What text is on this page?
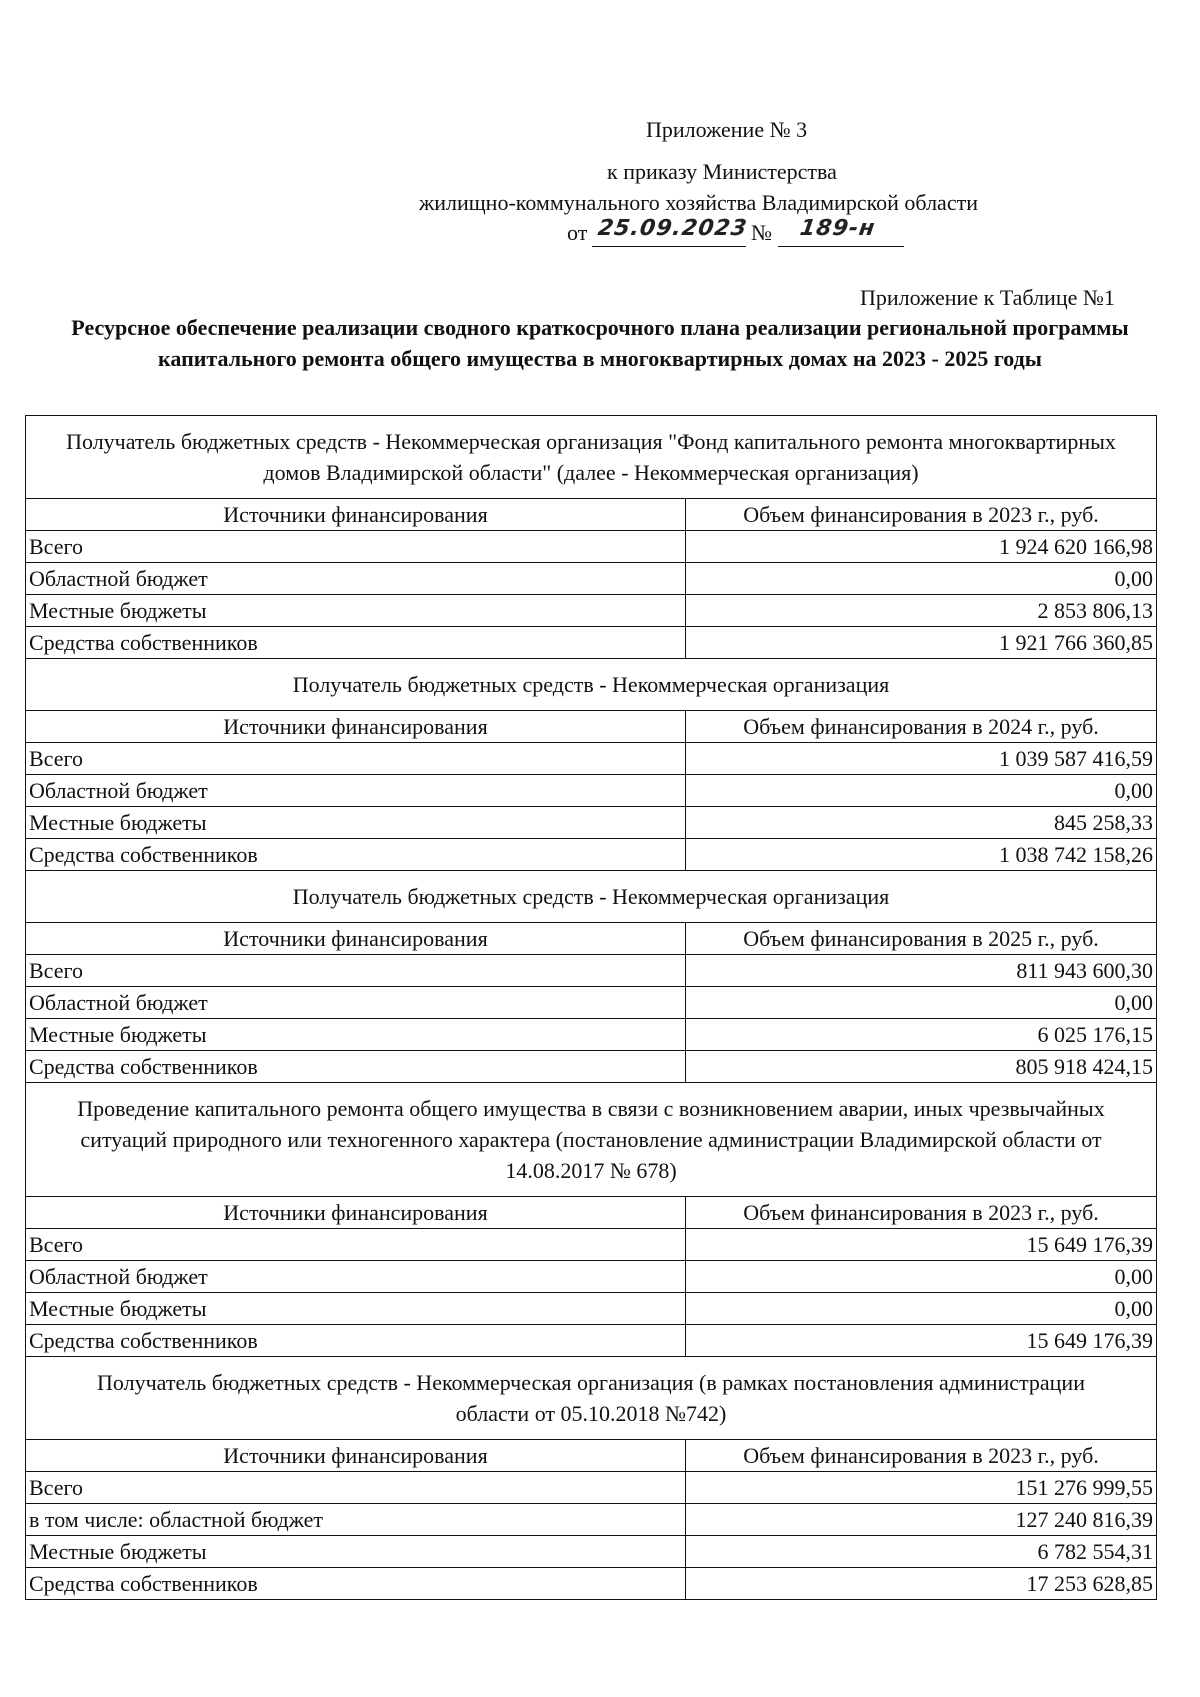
Приложение № 3
к приказу Министерства
жилищно-коммунального хозяйства Владимирской области
от 25.09.2023 № 189-н
Приложение к Таблице №1
Ресурсное обеспечение реализации сводного краткосрочного плана реализации региональной программы капитального ремонта общего имущества в многоквартирных домах на 2023 - 2025 годы
Получатель бюджетных средств - Некоммерческая организация "Фонд капитального ремонта многоквартирных домов Владимирской области" (далее - Некоммерческая организация)	
Источники финансирования	Объем финансирования в 2023 г., руб.
Всего	1 924 620 166,98
Областной бюджет	0,00
Местные бюджеты	2 853 806,13
Средства собственников	1 921 766 360,85
Получатель бюджетных средств - Некоммерческая организация	
Источники финансирования	Объем финансирования в 2024 г., руб.
Всего	1 039 587 416,59
Областной бюджет	0,00
Местные бюджеты	845 258,33
Средства собственников	1 038 742 158,26
Получатель бюджетных средств - Некоммерческая организация	
Источники финансирования	Объем финансирования в 2025 г., руб.
Всего	811 943 600,30
Областной бюджет	0,00
Местные бюджеты	6 025 176,15
Средства собственников	805 918 424,15
Проведение капитального ремонта общего имущества в связи с возникновением аварии, иных чрезвычайных ситуаций природного или техногенного характера (постановление администрации Владимирской области от 14.08.2017 № 678)	
Источники финансирования	Объем финансирования в 2023 г., руб.
Всего	15 649 176,39
Областной бюджет	0,00
Местные бюджеты	0,00
Средства собственников	15 649 176,39
Получатель бюджетных средств - Некоммерческая организация (в рамках постановления администрации области от 05.10.2018 №742)	
Источники финансирования	Объем финансирования в 2023 г., руб.
Всего	151 276 999,55
в том числе: областной бюджет	127 240 816,39
Местные бюджеты	6 782 554,31
Средства собственников	17 253 628,85
